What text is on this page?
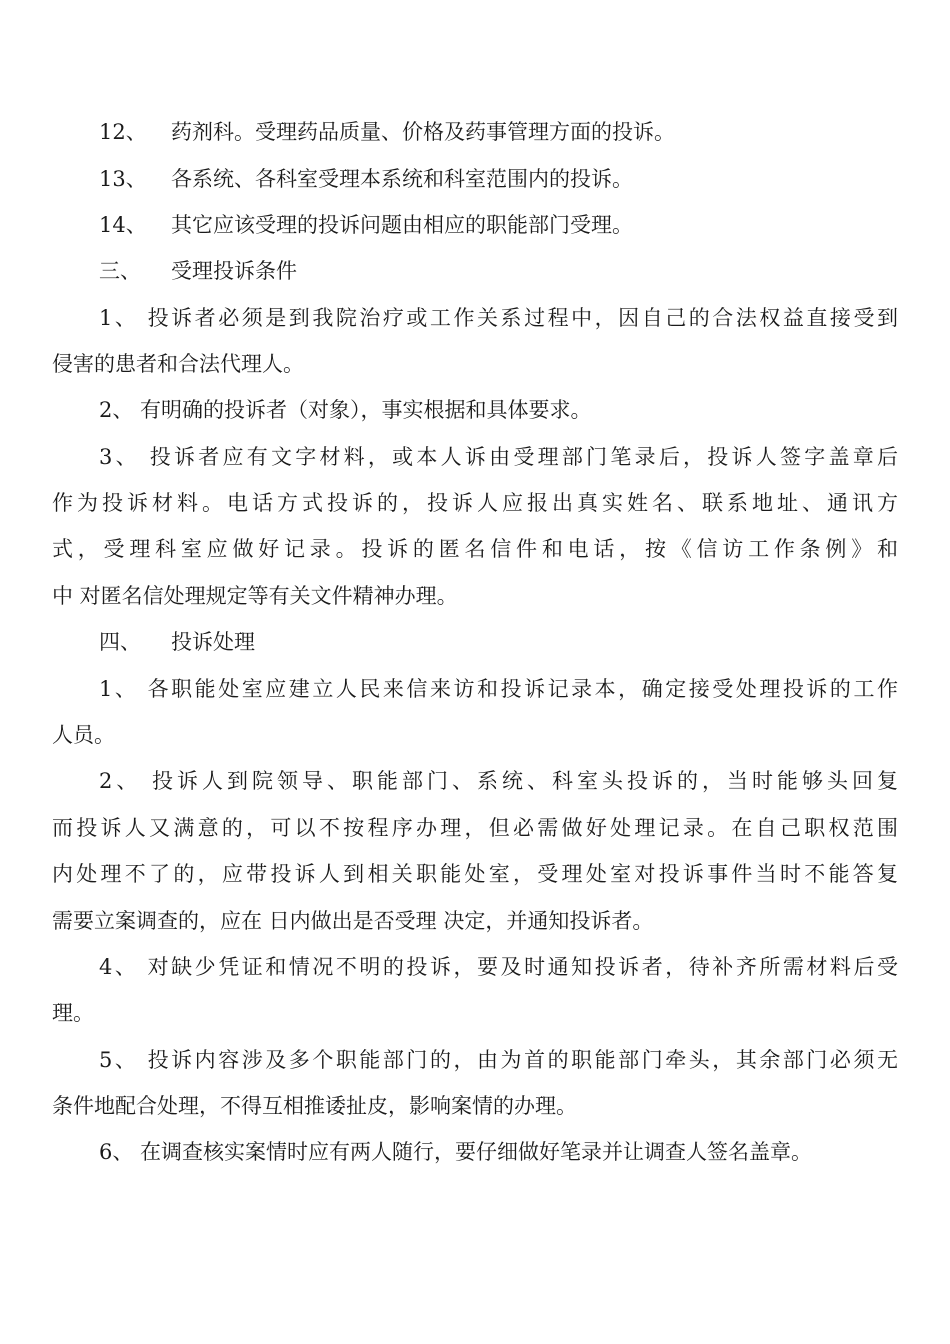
12、 药剂科。受理药品质量、价格及药事管理方面的投诉。
13、 各系统、各科室受理本系统和科室范围内的投诉。
14、 其它应该受理的投诉问题由相应的职能部门受理。
三、 受理投诉条件
1、 投诉者必须是到我院治疗或工作关系过程中，因自己的合法权益直接受到
侵害的患者和合法代理人。
2、 有明确的投诉者（对象），事实根据和具体要求。
3、 投诉者应有文字材料，或本人诉由受理部门笔录后，投诉人签字盖章后
作为投诉材料。电话方式投诉的，投诉人应报出真实姓名、联系地址、通讯方
式，受理科室应做好记录。投诉的匿名信件和电话，按《信访工作条例》和
中 对匿名信处理规定等有关文件精神办理。
四、 投诉处理
1、 各职能处室应建立人民来信来访和投诉记录本，确定接受处理投诉的工作
人员。
2、 投诉人到院领导、职能部门、系统、科室头投诉的，当时能够头回复
而投诉人又满意的，可以不按程序办理，但必需做好处理记录。在自己职权范围
内处理不了的，应带投诉人到相关职能处室，受理处室对投诉事件当时不能答复
需要立案调查的，应在 日内做出是否受理 决定，并通知投诉者。
4、 对缺少凭证和情况不明的投诉，要及时通知投诉者，待补齐所需材料后受
理。
5、 投诉内容涉及多个职能部门的，由为首的职能部门牵头，其余部门必须无
条件地配合处理，不得互相推诿扯皮，影响案情的办理。
6、 在调查核实案情时应有两人随行，要仔细做好笔录并让调查人签名盖章。
